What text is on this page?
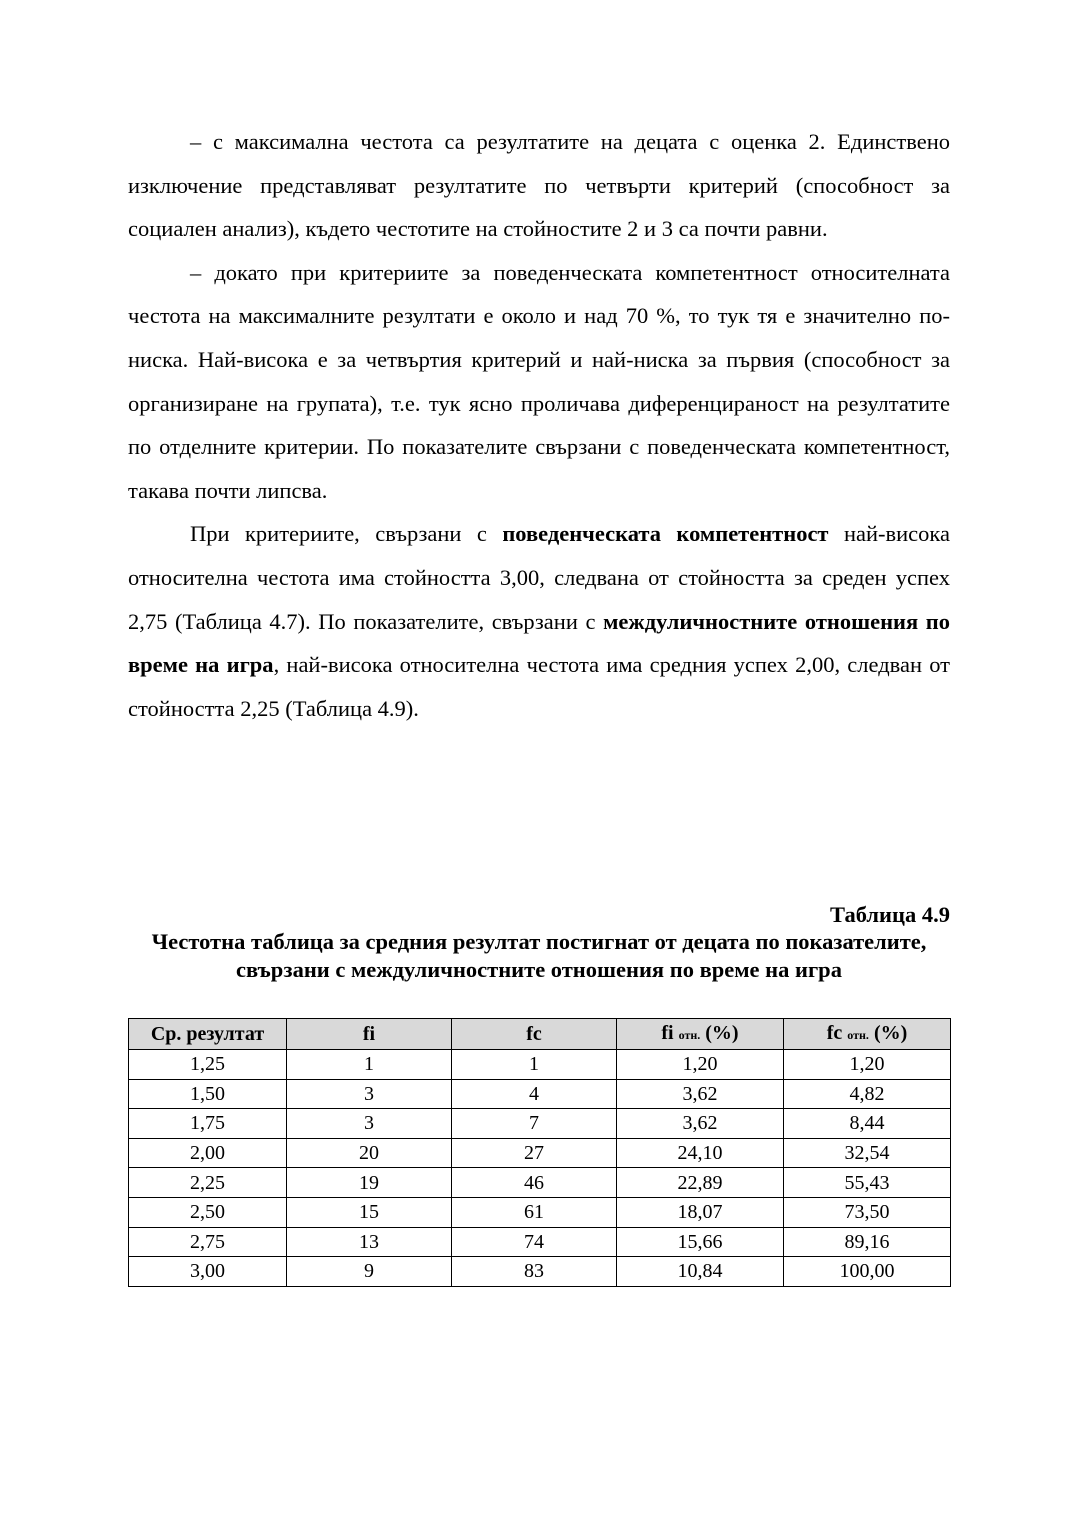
– с максимална честота са резултатите на децата с оценка 2. Единствено изключение представляват резултатите по четвърти критерий (способност за социален анализ), където честотите на стойностите 2 и 3 са почти равни.

– докато при критериите за поведенческата компетентност относителната честота на максималните резултати е около и над 70 %, то тук тя е значително по-ниска. Най-висока е за четвъртия критерий и най-ниска за първия (способност за организиране на групата), т.е. тук ясно проличава диференцираност на резултатите по отделните критерии. По показателите свързани с поведенческата компетентност, такава почти липсва.

При критериите, свързани с поведенческата компетентност най-висока относителна честота има стойността 3,00, следвана от стойността за среден успех 2,75 (Таблица 4.7). По показателите, свързани с междуличностните отношения по време на игра, най-висока относителна честота има средния успех 2,00, следван от стойността 2,25 (Таблица 4.9).

Таблица 4.9
Честотна таблица за средния резултат постигнат от децата по показателите, свързани с междуличностните отношения по време на игра
Ср. резултат	fi	fc	fi отн. (%)	fc отн. (%)
1,25	1	1	1,20	1,20
1,50	3	4	3,62	4,82
1,75	3	7	3,62	8,44
2,00	20	27	24,10	32,54
2,25	19	46	22,89	55,43
2,50	15	61	18,07	73,50
2,75	13	74	15,66	89,16
3,00	9	83	10,84	100,00
